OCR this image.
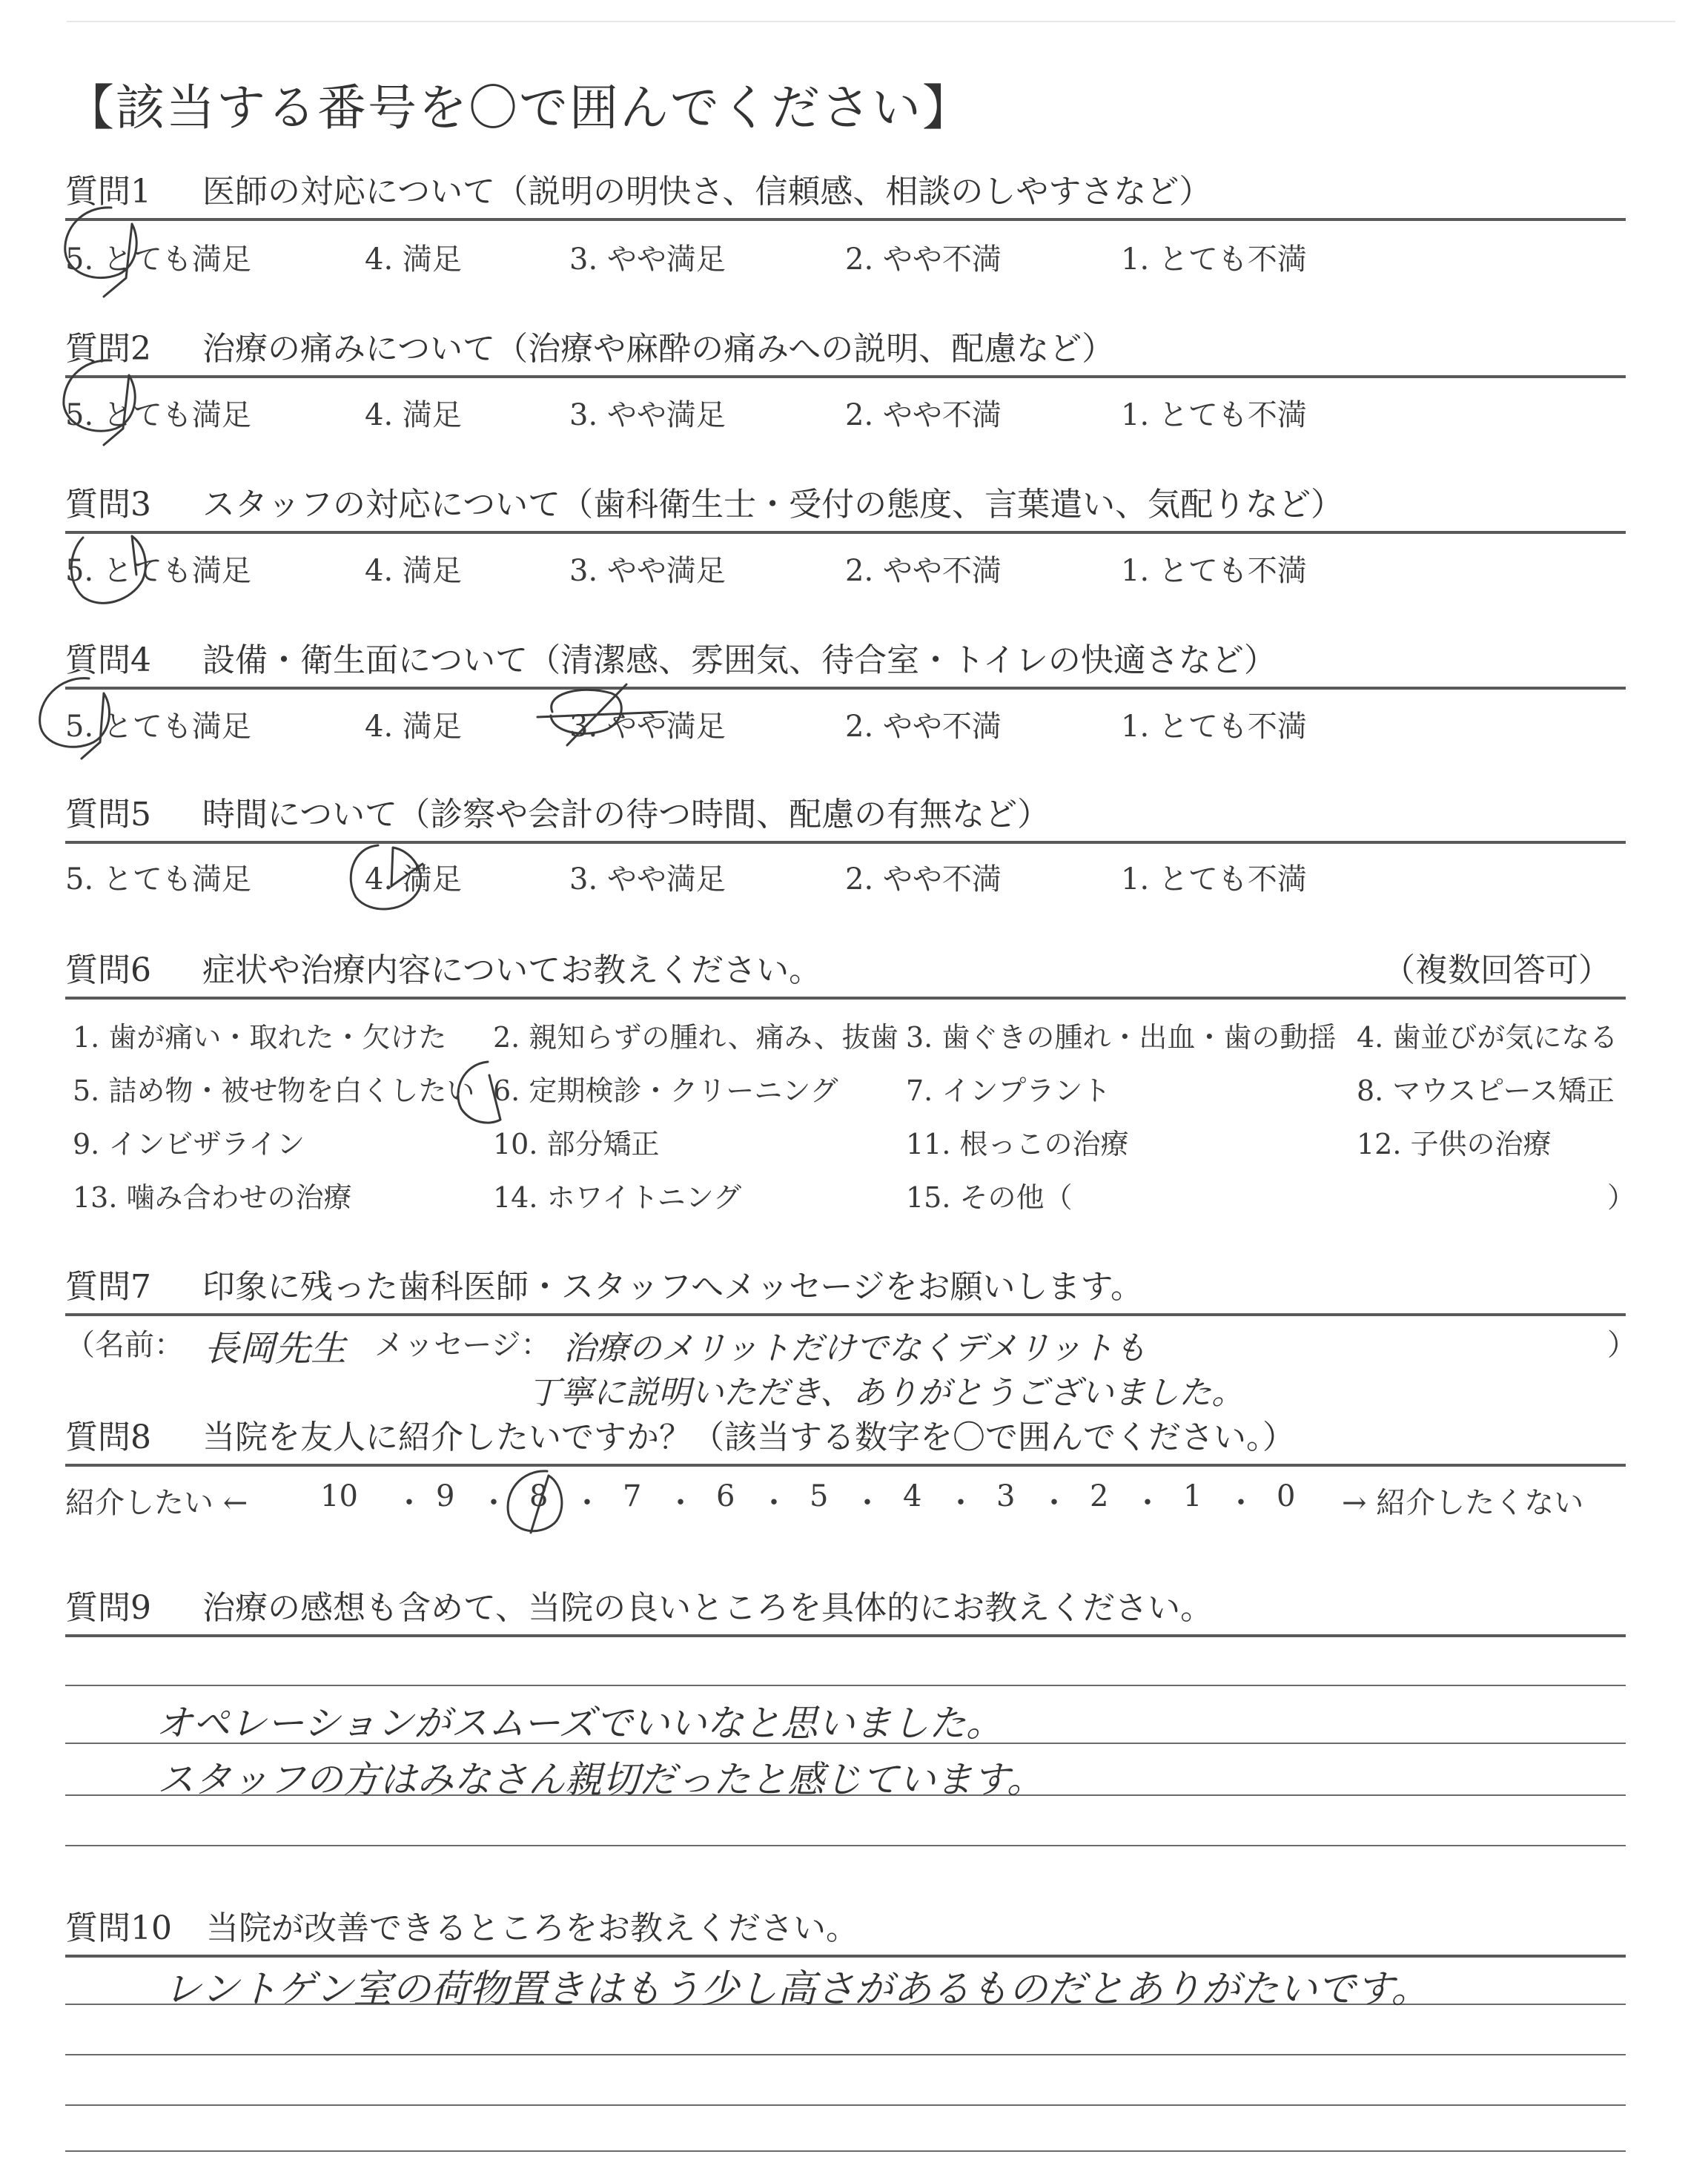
【該当する番号を〇で囲んでください】
質問1 医師の対応について（説明の明快さ、信頼感、相談のしやすさなど）
5. とても満足	4. 満足	3. やや満足	2. やや不満	1. とても不満
質問2 治療の痛みについて（治療や麻酔の痛みへの説明、配慮など）
5. とても満足	4. 満足	3. やや満足	2. やや不満	1. とても不満
質問3 スタッフの対応について（歯科衛生士・受付の態度、言葉遣い、気配りなど）
5. とても満足	4. 満足	3. やや満足	2. やや不満	1. とても不満
質問4 設備・衛生面について（清潔感、雰囲気、待合室・トイレの快適さなど）
5. とても満足	4. 満足	3. やや満足	2. やや不満	1. とても不満
質問5 時間について（診察や会計の待つ時間、配慮の有無など）
5. とても満足	4. 満足	3. やや満足	2. やや不満	1. とても不満
質問6 症状や治療内容についてお教えください。	（複数回答可）
1. 歯が痛い・取れた・欠けた 2. 親知らずの腫れ、痛み、抜歯 3. 歯ぐきの腫れ・出血・歯の動揺 4. 歯並びが気になる
5. 詰め物・被せ物を白くしたい 6. 定期検診・クリーニング 7. インプラント	8. マウスピース矯正
9. インビザライン	10. 部分矯正	11. 根っこの治療	12. 子供の治療
13. 噛み合わせの治療	14. ホワイトニング	15. その他（	）
質問7 印象に残った歯科医師・スタッフへメッセージをお願いします。
（名前： 長岡先生 メッセージ： 治療のメリットだけでなくデメリットも
丁寧に説明いただき、ありがとうございました。
）
質問8 当院を友人に紹介したいですか？（該当する数字を〇で囲んでください。）
紹介したい ← 10 ・ 9 ・ 8 ・ 7 ・ 6 ・ 5 ・ 4 ・ 3 ・ 2 ・ 1 ・ 0 → 紹介したくない
質問9 治療の感想も含めて、当院の良いところを具体的にお教えください。
オペレーションがスムーズでいいなと思いました。
スタッフの方はみなさん親切だったと感じています。
質問10 当院が改善できるところをお教えください。
レントゲン室の荷物置きはもう少し高さがあるものだとありがたいです。
